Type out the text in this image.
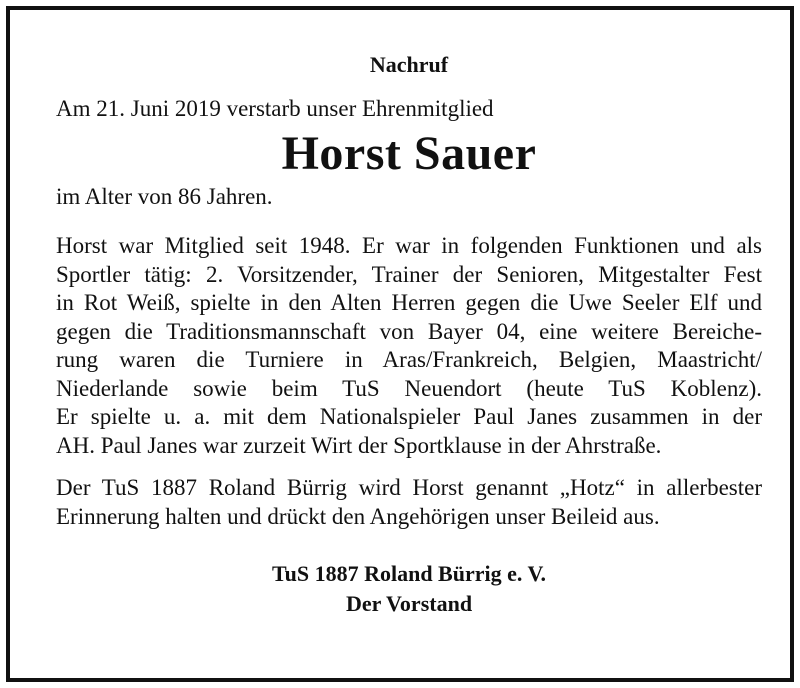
Nachruf

Am 21. Juni 2019 verstarb unser Ehrenmitglied

Horst Sauer

im Alter von 86 Jahren.

Horst war Mitglied seit 1948. Er war in folgenden Funktionen und als
Sportler tätig: 2. Vorsitzender, Trainer der Senioren, Mitgestalter Fest
in Rot Weiß, spielte in den Alten Herren gegen die Uwe Seeler Elf und
gegen die Traditionsmannschaft von Bayer 04, eine weitere Bereiche-
rung waren die Turniere in Aras/Frankreich, Belgien, Maastricht/
Niederlande sowie beim TuS Neuendort (heute TuS Koblenz).
Er spielte u. a. mit dem Nationalspieler Paul Janes zusammen in der
AH. Paul Janes war zurzeit Wirt der Sportklause in der Ahrstraße.

Der TuS 1887 Roland Bürrig wird Horst genannt „Hotz“ in allerbester
Erinnerung halten und drückt den Angehörigen unser Beileid aus.

TuS 1887 Roland Bürrig e. V.
Der Vorstand
